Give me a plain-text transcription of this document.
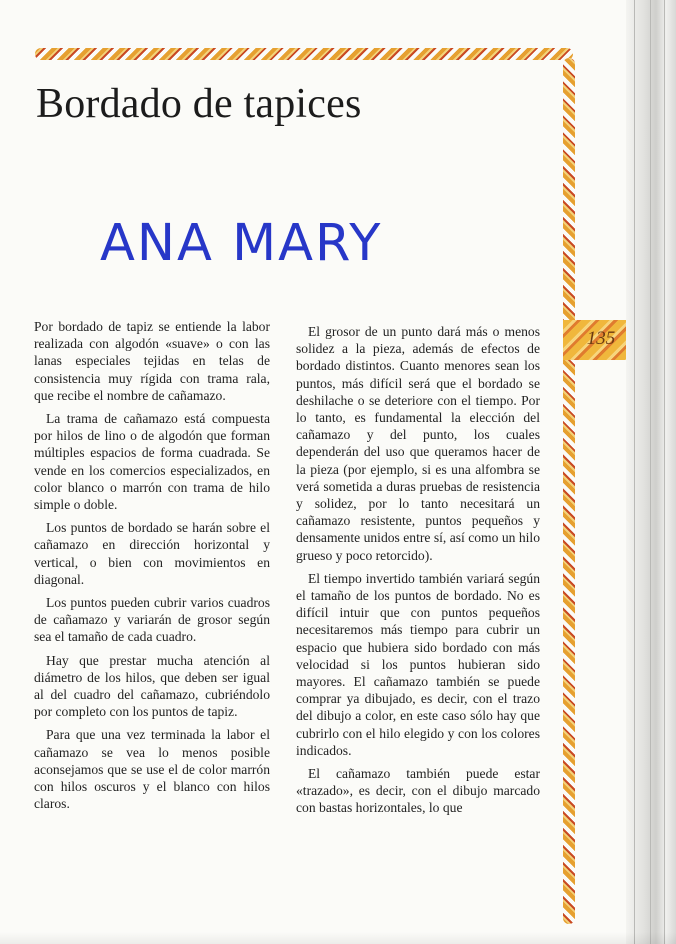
135
Bordado de tapices
ANA MARY

Por bordado de tapiz se entiende la labor realizada con algodón «suave» o con las lanas especiales tejidas en telas de consistencia muy rígida con trama rala, que recibe el nombre de cañamazo.

La trama de cañamazo está compuesta por hilos de lino o de algodón que forman múltiples espacios de forma cuadrada. Se vende en los comercios especializados, en color blanco o marrón con trama de hilo simple o doble.

Los puntos de bordado se harán sobre el cañamazo en dirección horizontal y vertical, o bien con movimientos en diagonal.

Los puntos pueden cubrir varios cuadros de cañamazo y variarán de grosor según sea el tamaño de cada cuadro.

Hay que prestar mucha atención al diámetro de los hilos, que deben ser igual al del cuadro del cañamazo, cubriéndolo por completo con los puntos de tapiz.

Para que una vez terminada la labor el cañamazo se vea lo menos posible aconsejamos que se use el de color marrón con hilos oscuros y el blanco con hilos claros.

El grosor de un punto dará más o menos solidez a la pieza, además de efectos de bordado distintos. Cuanto menores sean los puntos, más difícil será que el bordado se deshilache o se deteriore con el tiempo. Por lo tanto, es fundamental la elección del cañamazo y del punto, los cuales dependerán del uso que queramos hacer de la pieza (por ejemplo, si es una alfombra se verá sometida a duras pruebas de resistencia y solidez, por lo tanto necesitará un cañamazo resistente, puntos pequeños y densamente unidos entre sí, así como un hilo grueso y poco retorcido).

El tiempo invertido también variará según el tamaño de los puntos de bordado. No es difícil intuir que con puntos pequeños necesitaremos más tiempo para cubrir un espacio que hubiera sido bordado con más velocidad si los puntos hubieran sido mayores. El cañamazo también se puede comprar ya dibujado, es decir, con el trazo del dibujo a color, en este caso sólo hay que cubrirlo con el hilo elegido y con los colores indicados.

El cañamazo también puede estar «trazado», es decir, con el dibujo marcado con bastas horizontales, lo que
